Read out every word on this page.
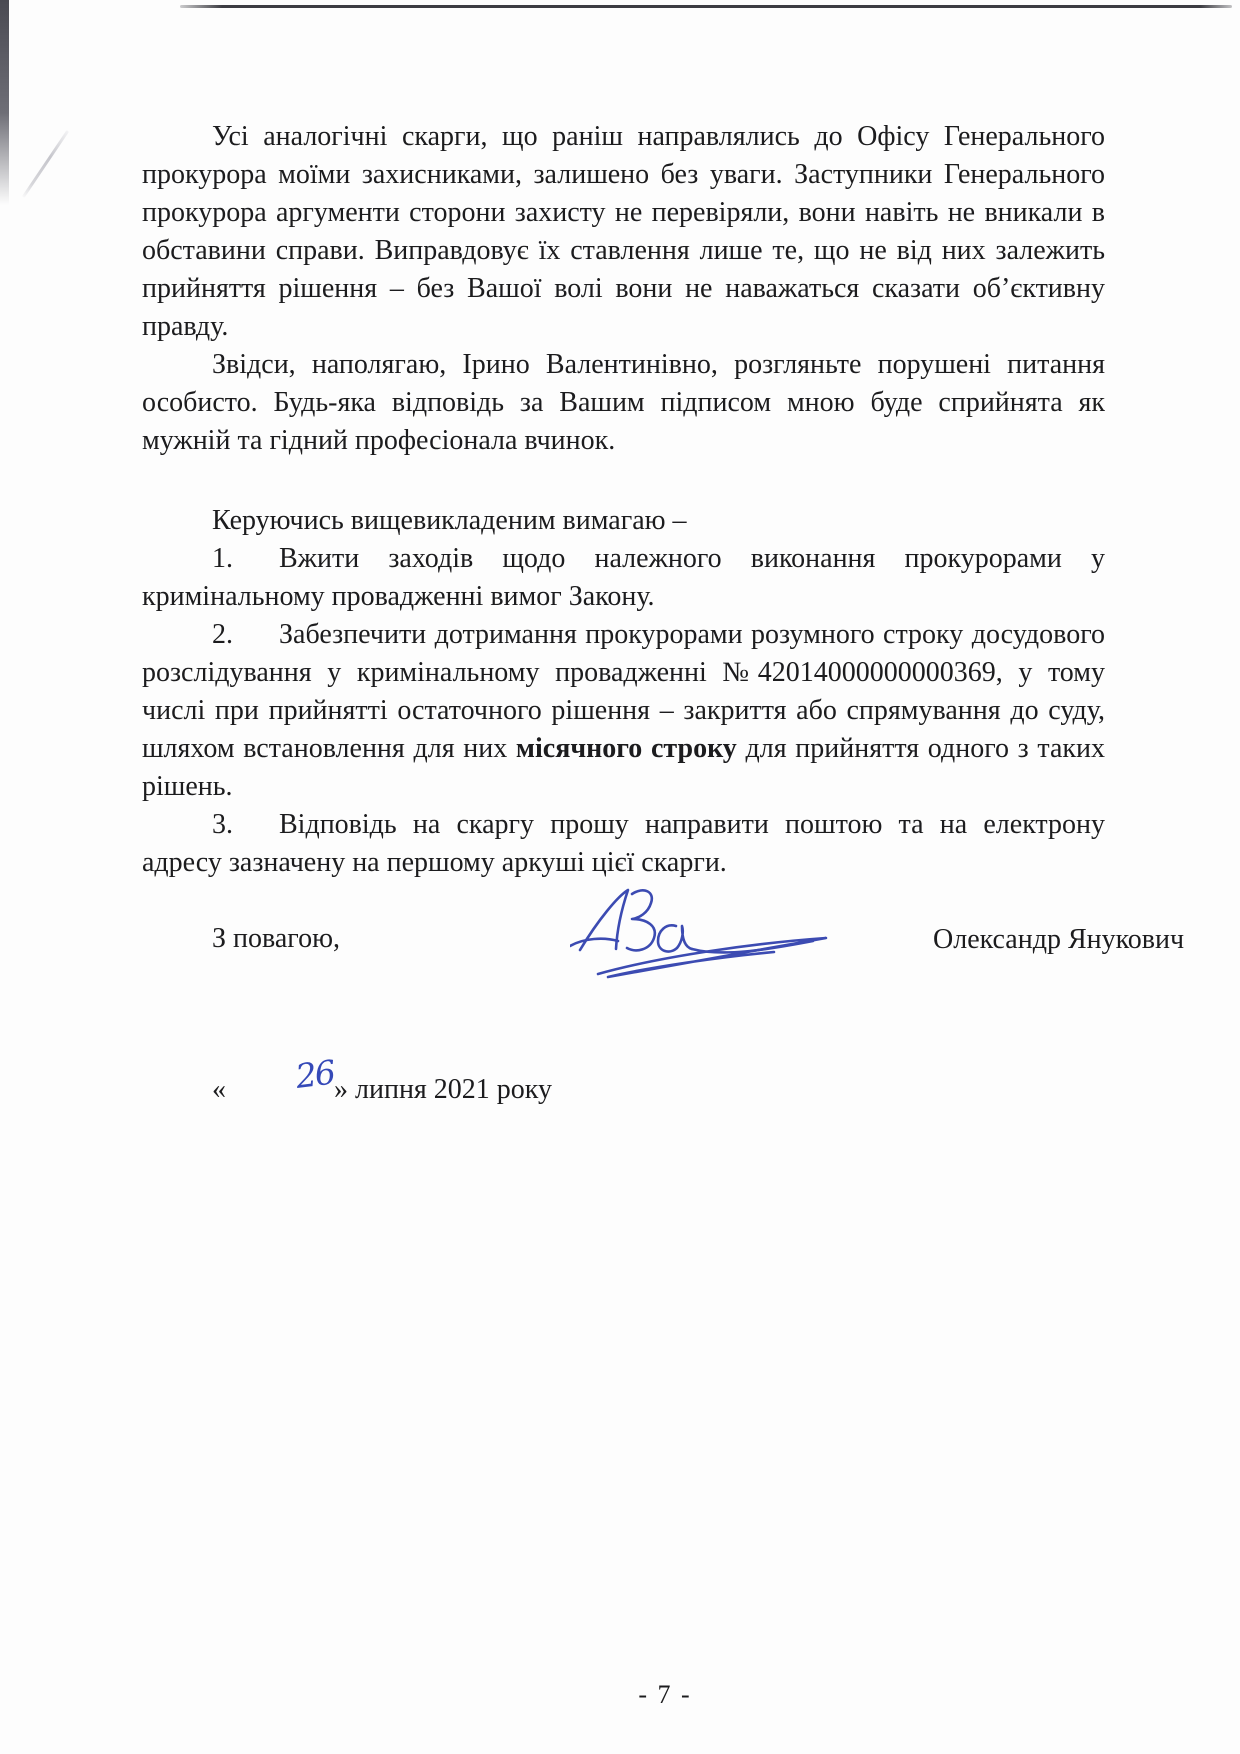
Усі аналогічні скарги, що раніш направлялись до Офісу Генерального прокурора моїми захисниками, залишено без уваги. Заступники Генерального прокурора аргументи сторони захисту не перевіряли, вони навіть не вникали в обставини справи. Виправдовує їх ставлення лише те, що не від них залежить прийняття рішення – без Вашої волі вони не наважаться сказати об’єктивну правду.

Звідси, наполягаю, Ірино Валентинівно, розгляньте порушені питання особисто. Будь-яка відповідь за Вашим підписом мною буде сприйнята як мужній та гідний професіонала вчинок.

Керуючись вищевикладеним вимагаю –

1. Вжити заходів щодо належного виконання прокурорами у кримінальному провадженні вимог Закону.

2. Забезпечити дотримання прокурорами розумного строку досудового розслідування у кримінальному провадженні №42014000000000369, у тому числі при прийнятті остаточного рішення – закриття або спрямування до суду, шляхом встановлення для них місячного строку для прийняття одного з таких рішень.

3. Відповідь на скаргу прошу направити поштою та на електрону адресу зазначену на першому аркуші цієї скарги.

З повагою,

« 26» липня 2021 року

Олександр Янукович
- 7 -
